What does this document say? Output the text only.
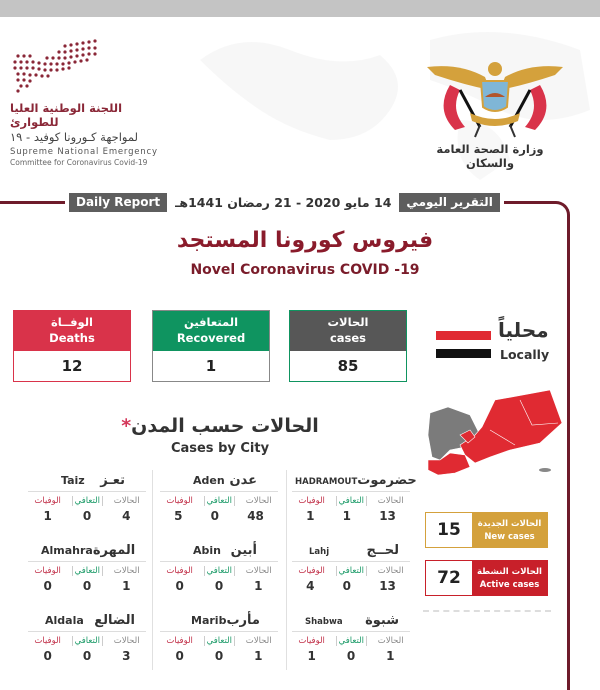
اللجنة الوطنية العليا للطوارئ
لمواجهة كـورونا كوفيد - ١٩
Supreme National Emergency
Committee for Coronavirus Covid-19
وزارة الصحة العامة والسكان
Daily Report	14 مايو 2020 - 21 رمضان 1441هـ	التقرير اليومي
فيروس كورونا المستجد
Novel Coronavirus COVID -19
الوفــاة
Deaths
12
المتعافين
Recovered
1
الحالات
cases
85
محلياً
Locally
*الحالات حسب المدن
Cases by City
HADRAMOUT حضرموت
الوفيات	التعافي	الحالات
1 1 13
Aden عدن
الوفيات	التعافي	الحالات
5 0 48
Taiz تعـز
الوفيات	التعافي	الحالات
1	0	4
Lahj	لحــج
الوفيات	التعافي	الحالات
4 0 13
Abin أبين
الوفيات	التعافي	الحالات
0	0	1
Almahra المهرة
الوفيات	التعافي	الحالات
0	0	1
Shabwa شبوة
الوفيات	التعافي	الحالات
1	0	1
Marib مأرب
الوفيات	التعافي	الحالات
0	0	1
Aldala الضالع
الوفيات	التعافي	الحالات
0	0	3
15	الحالات الجديدة
New cases
72	الحالات النشطة
Active cases
